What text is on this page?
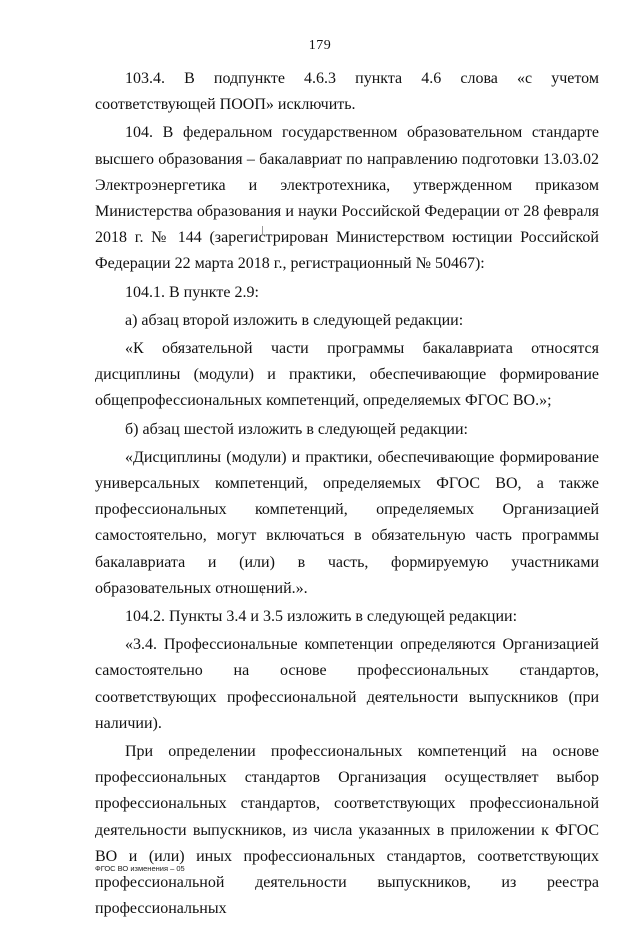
179

103.4. В подпункте 4.6.3 пункта 4.6 слова «с учетом соответствующей ПООП» исключить.

104. В федеральном государственном образовательном стандарте высшего образования – бакалавриат по направлению подготовки 13.03.02 Электроэнергетика и электротехника, утвержденном приказом Министерства образования и науки Российской Федерации от 28 февраля 2018 г. № 144 (зарегистрирован Министерством юстиции Российской Федерации 22 марта 2018 г., регистрационный № 50467):

104.1. В пункте 2.9:

а) абзац второй изложить в следующей редакции:

«К обязательной части программы бакалавриата относятся дисциплины (модули) и практики, обеспечивающие формирование общепрофессиональных компетенций, определяемых ФГОС ВО.»;

б) абзац шестой изложить в следующей редакции:

«Дисциплины (модули) и практики, обеспечивающие формирование универсальных компетенций, определяемых ФГОС ВО, а также профессиональных компетенций, определяемых Организацией самостоятельно, могут включаться в обязательную часть программы бакалавриата и (или) в часть, формируемую участниками образовательных отношений.».

104.2. Пункты 3.4 и 3.5 изложить в следующей редакции:

«3.4. Профессиональные компетенции определяются Организацией самостоятельно на основе профессиональных стандартов, соответствующих профессиональной деятельности выпускников (при наличии).

При определении профессиональных компетенций на основе профессиональных стандартов Организация осуществляет выбор профессиональных стандартов, соответствующих профессиональной деятельности выпускников, из числа указанных в приложении к ФГОС ВО и (или) иных профессиональных стандартов, соответствующих профессиональной деятельности выпускников, из реестра профессиональных

ФГОС ВО изменения – 05
